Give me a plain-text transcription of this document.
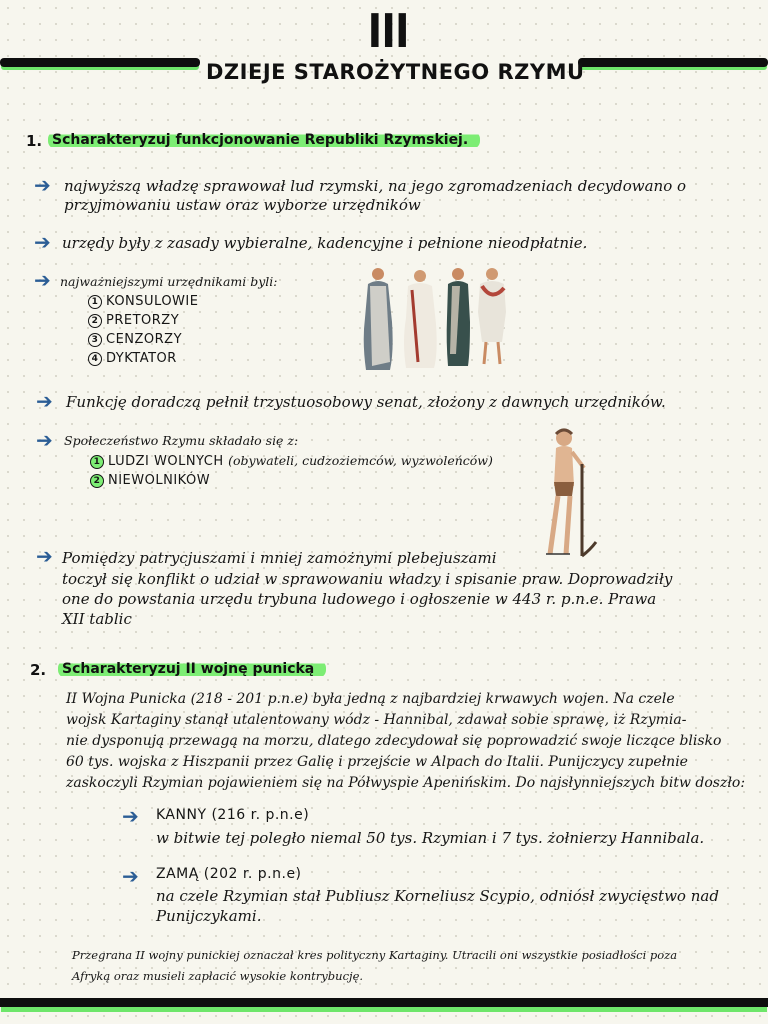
III
DZIEJE STAROŻYTNEGO RZYMU
1. Scharakteryzuj funkcjonowanie Republiki Rzymskiej.
➔ najwyższą władzę sprawował lud rzymski, na jego zgromadzeniach decydowano o
przyjmowaniu ustaw oraz wyborze urzędników
➔ urzędy były z zasady wybieralne, kadencyjne i pełnione nieodpłatnie.
➔ najważniejszymi urzędnikami byli:
1 KONSULOWIE
2 PRETORZY
3 CENZORZY
4 DYKTATOR
➔ Funkcję doradczą pełnił trzystuosobowy senat, złożony z dawnych urzędników.
➔ Społeczeństwo Rzymu składało się z:
1 LUDZI WOLNYCH (obywateli, cudzoziemców, wyzwoleńców)
2 NIEWOLNIKÓW
➔ Pomiędzy patrycjuszami i mniej zamożnymi plebejuszami
toczył się konflikt o udział w sprawowaniu władzy i spisanie praw. Doprowadziły
one do powstania urzędu trybuna ludowego i ogłoszenie w 443 r. p.n.e. Prawa
XII tablic
2. Scharakteryzuj II wojnę punicką
II Wojna Punicka (218 - 201 p.n.e) była jedną z najbardziej krwawych wojen. Na czele
wojsk Kartaginy stanął utalentowany wódz - Hannibal, zdawał sobie sprawę, iż Rzymia-
nie dysponują przewagą na morzu, dlatego zdecydował się poprowadzić swoje liczące blisko
60 tys. wojska z Hiszpanii przez Galię i przejście w Alpach do Italii. Punijczycy zupełnie
zaskoczyli Rzymian pojawieniem się na Półwyspie Apenińskim. Do najsłynniejszych bitw doszło:
➔ KANNY (216 r. p.n.e)
w bitwie tej poległo niemal 50 tys. Rzymian i 7 tys. żołnierzy Hannibala.
➔ ZAMĄ (202 r. p.n.e)
na czele Rzymian stał Publiusz Korneliusz Scypio, odniósł zwycięstwo nad
Punijczykami.
Przegrana II wojny punickiej oznaczał kres polityczny Kartaginy. Utracili oni wszystkie posiadłości poza
Afryką oraz musieli zapłacić wysokie kontrybucję.
